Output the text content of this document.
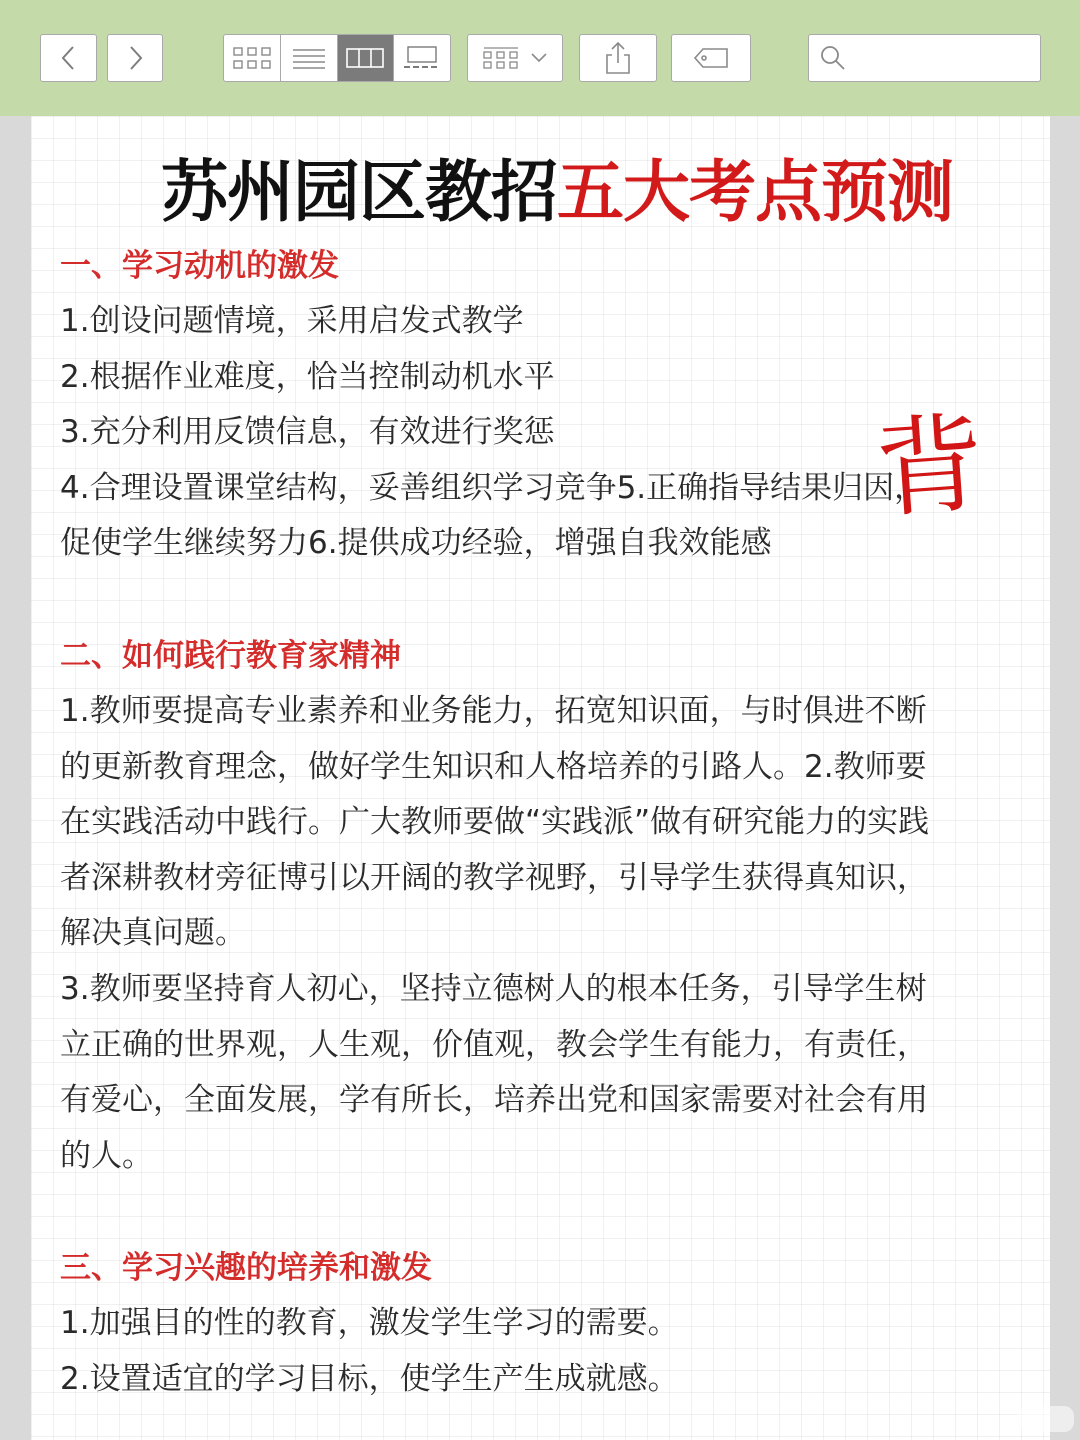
苏州园区教招五大考点预测
一、学习动机的激发

1.创设问题情境，采用启发式教学

2.根据作业难度，恰当控制动机水平

3.充分利用反馈信息，有效进行奖惩

4.合理设置课堂结构，妥善组织学习竞争5.正确指导结果归因，促使学生继续努力6.提供成功经验，增强自我效能感

背
二、如何践行教育家精神

1.教师要提高专业素养和业务能力，拓宽知识面，与时俱进不断的更新教育理念，做好学生知识和人格培养的引路人。2.教师要在实践活动中践行。广大教师要做“实践派”做有研究能力的实践者深耕教材旁征博引以开阔的教学视野，引导学生获得真知识，解决真问题。

3.教师要坚持育人初心，坚持立德树人的根本任务，引导学生树立正确的世界观，人生观，价值观，教会学生有能力，有责任，有爱心，全面发展，学有所长，培养出党和国家需要对社会有用的人。

三、学习兴趣的培养和激发

1.加强目的性的教育，激发学生学习的需要。

2.设置适宜的学习目标，使学生产生成就感。
